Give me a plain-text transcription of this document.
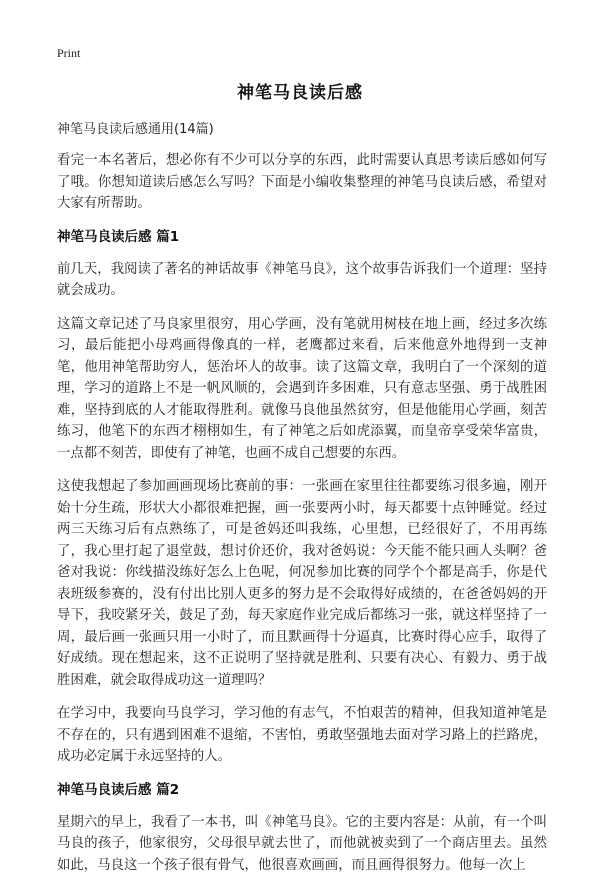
Print
神笔马良读后感
神笔马良读后感通用(14篇)

看完一本名著后，想必你有不少可以分享的东西，此时需要认真思考读后感如何写了哦。你想知道读后感怎么写吗？下面是小编收集整理的神笔马良读后感，希望对大家有所帮助。

神笔马良读后感 篇1

前几天，我阅读了著名的神话故事《神笔马良》，这个故事告诉我们一个道理：坚持就会成功。

这篇文章记述了马良家里很穷，用心学画，没有笔就用树枝在地上画，经过多次练习，最后能把小母鸡画得像真的一样，老鹰都过来看，后来他意外地得到一支神笔，他用神笔帮助穷人，惩治坏人的故事。读了这篇文章，我明白了一个深刻的道理，学习的道路上不是一帆风顺的，会遇到许多困难，只有意志坚强、勇于战胜困难，坚持到底的人才能取得胜利。就像马良他虽然贫穷，但是他能用心学画，刻苦练习，他笔下的东西才栩栩如生，有了神笔之后如虎添翼，而皇帝享受荣华富贵，一点都不刻苦，即使有了神笔，也画不成自己想要的东西。

这使我想起了参加画画现场比赛前的事：一张画在家里往往都要练习很多遍，刚开始十分生疏，形状大小都很难把握，画一张要两小时，每天都要十点钟睡觉。经过两三天练习后有点熟练了，可是爸妈还叫我练，心里想，已经很好了，不用再练了，我心里打起了退堂鼓，想讨价还价，我对爸妈说：今天能不能只画人头啊？爸爸对我说：你线描没练好怎么上色呢，何况参加比赛的同学个个都是高手，你是代表班级参赛的，没有付出比别人更多的努力是不会取得好成绩的，在爸爸妈妈的开导下，我咬紧牙关，鼓足了劲，每天家庭作业完成后都练习一张，就这样坚持了一周，最后画一张画只用一小时了，而且默画得十分逼真，比赛时得心应手，取得了好成绩。现在想起来，这不正说明了坚持就是胜利、只要有决心、有毅力、勇于战胜困难，就会取得成功这一道理吗？

在学习中，我要向马良学习，学习他的有志气，不怕艰苦的精神，但我知道神笔是不存在的，只有遇到困难不退缩，不害怕，勇敢坚强地去面对学习路上的拦路虎，成功必定属于永远坚持的人。

神笔马良读后感 篇2

星期六的早上，我看了一本书，叫《神笔马良》。它的主要内容是：从前，有一个叫马良的孩子，他家很穷，父母很早就去世了，而他就被卖到了一个商店里去。虽然如此，马良这一个孩子很有骨气，他很喜欢画画，而且画得很努力。他每一次上
